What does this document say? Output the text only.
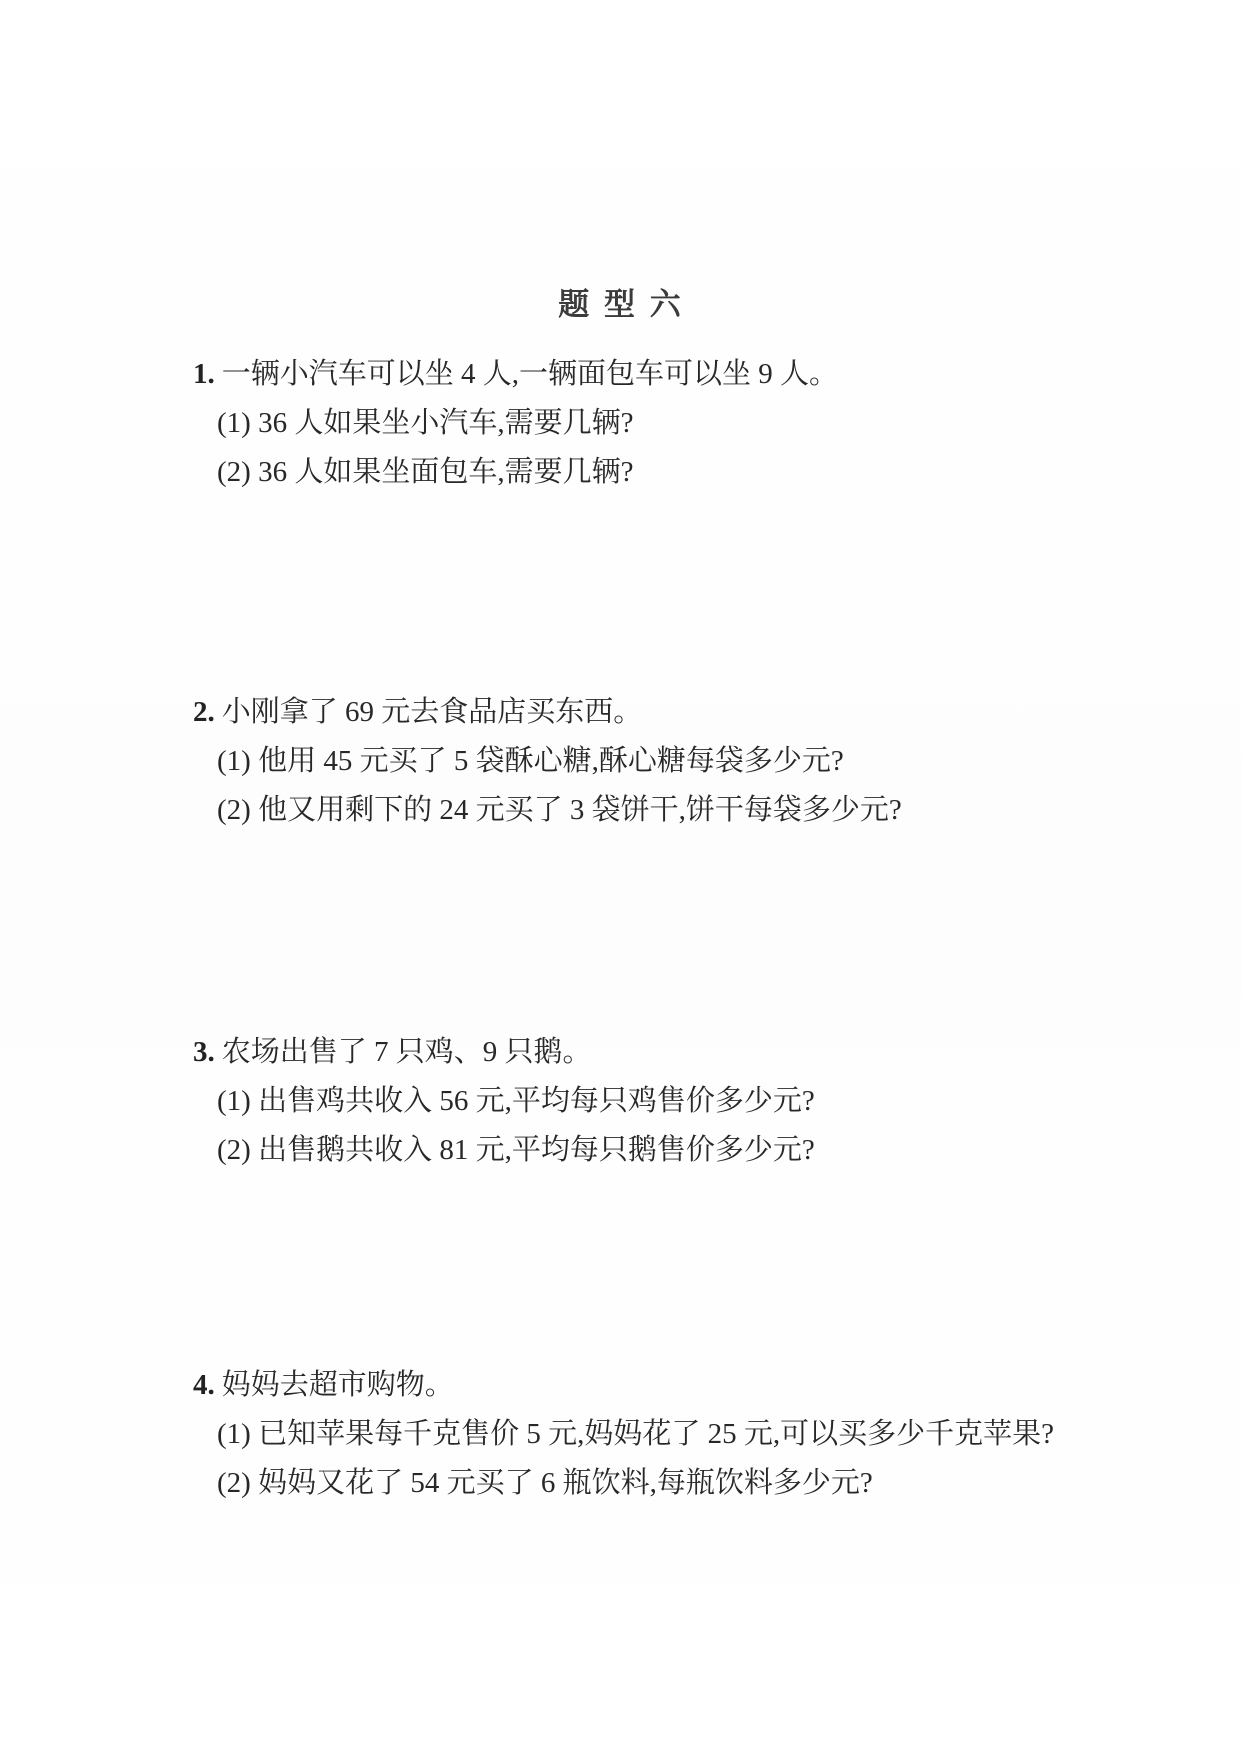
题 型 六
1. 一辆小汽车可以坐 4 人,一辆面包车可以坐 9 人。
(1) 36 人如果坐小汽车,需要几辆?
(2) 36 人如果坐面包车,需要几辆?
2. 小刚拿了 69 元去食品店买东西。
(1) 他用 45 元买了 5 袋酥心糖,酥心糖每袋多少元?
(2) 他又用剩下的 24 元买了 3 袋饼干,饼干每袋多少元?
3. 农场出售了 7 只鸡、9 只鹅。
(1) 出售鸡共收入 56 元,平均每只鸡售价多少元?
(2) 出售鹅共收入 81 元,平均每只鹅售价多少元?
4. 妈妈去超市购物。
(1) 已知苹果每千克售价 5 元,妈妈花了 25 元,可以买多少千克苹果?
(2) 妈妈又花了 54 元买了 6 瓶饮料,每瓶饮料多少元?
